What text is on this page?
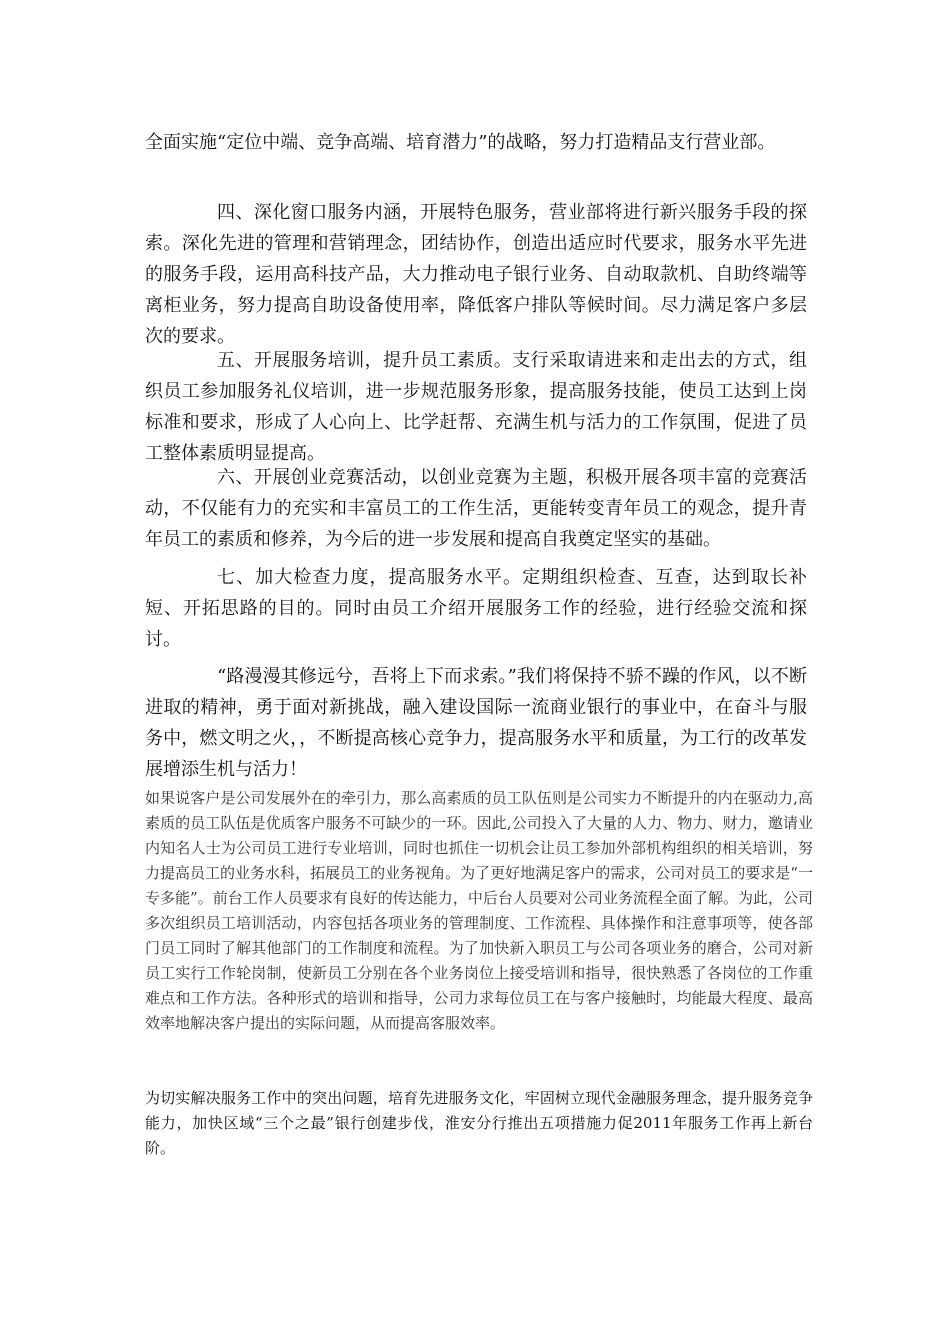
全面实施“定位中端、竞争高端、培育潜力”的战略，努力打造精品支行营业部。

四、深化窗口服务内涵，开展特色服务，营业部将进行新兴服务手段的探索。深化先进的管理和营销理念，团结协作，创造出适应时代要求，服务水平先进的服务手段，运用高科技产品，大力推动电子银行业务、自动取款机、自助终端等离柜业务，努力提高自助设备使用率，降低客户排队等候时间。尽力满足客户多层次的要求。

五、开展服务培训，提升员工素质。支行采取请进来和走出去的方式，组织员工参加服务礼仪培训，进一步规范服务形象，提高服务技能，使员工达到上岗标准和要求，形成了人心向上、比学赶帮、充满生机与活力的工作氛围，促进了员工整体素质明显提高。

六、开展创业竞赛活动，以创业竞赛为主题，积极开展各项丰富的竞赛活动，不仅能有力的充实和丰富员工的工作生活，更能转变青年员工的观念，提升青年员工的素质和修养，为今后的进一步发展和提高自我奠定坚实的基础。

七、加大检查力度，提高服务水平。定期组织检查、互查，达到取长补短、开拓思路的目的。同时由员工介绍开展服务工作的经验，进行经验交流和探讨。

“路漫漫其修远兮，吾将上下而求索。”我们将保持不骄不躁的作风，以不断进取的精神，勇于面对新挑战，融入建设国际一流商业银行的事业中，在奋斗与服务中，燃文明之火，，不断提高核心竞争力，提高服务水平和质量，为工行的改革发展增添生机与活力！

如果说客户是公司发展外在的牵引力，那么高素质的员工队伍则是公司实力不断提升的内在驱动力,高素质的员工队伍是优质客户服务不可缺少的一环。因此,公司投入了大量的人力、物力、财力，邀请业内知名人士为公司员工进行专业培训，同时也抓住一切机会让员工参加外部机构组织的相关培训，努力提高员工的业务水科，拓展员工的业务视角。为了更好地满足客户的需求，公司对员工的要求是“一专多能”。前台工作人员要求有良好的传达能力，中后台人员要对公司业务流程全面了解。为此，公司多次组织员工培训活动，内容包括各项业务的管理制度、工作流程、具体操作和注意事项等，使各部门员工同时了解其他部门的工作制度和流程。为了加快新入职员工与公司各项业务的磨合，公司对新员工实行工作轮岗制，使新员工分别在各个业务岗位上接受培训和指导，很快熟悉了各岗位的工作重难点和工作方法。各种形式的培训和指导，公司力求每位员工在与客户接触时，均能最大程度、最高效率地解决客户提出的实际问题，从而提高客服效率。

为切实解决服务工作中的突出问题，培育先进服务文化，牢固树立现代金融服务理念，提升服务竞争能力，加快区域“三个之最”银行创建步伐，淮安分行推出五项措施力促2011年服务工作再上新台阶。
